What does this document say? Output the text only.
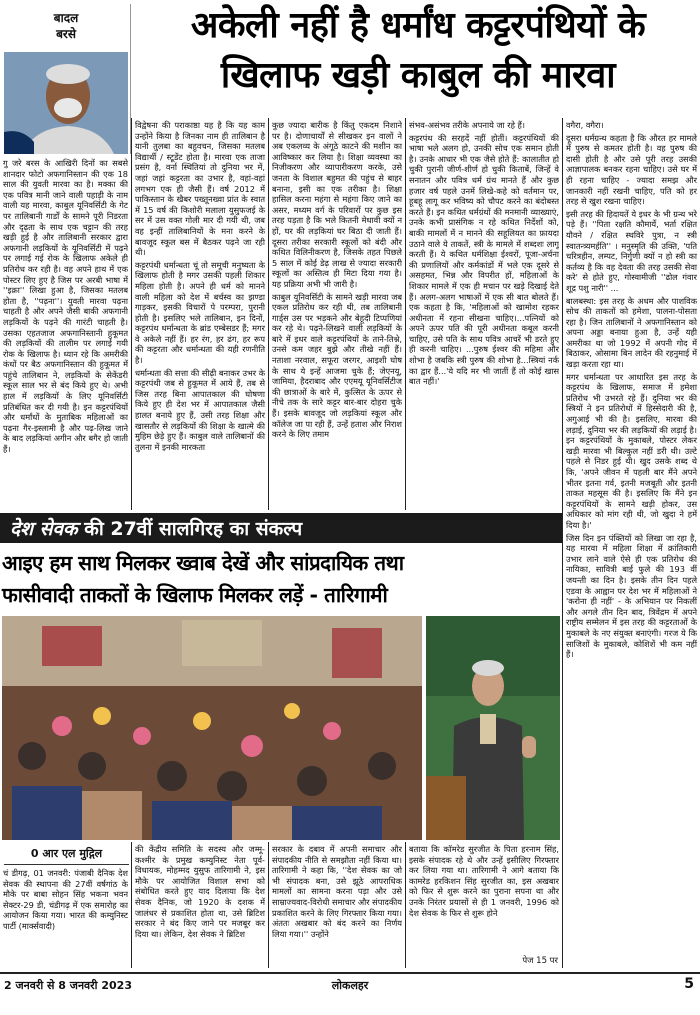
बादल
बरसे	अकेली नहीं है धर्मांध कट्टरपंथियों के
खिलाफ खड़ी काबुल की मारवा

गु जरे बरस के आखिरी दिनों का सबसे शानदार फोटो अफगानिस्तान की एक 18 साल की युवती मारवा का है। मक्का की एक पवित्र मानी जाने वाली पहाड़ी के नाम वाली यह मारवा, काबुल यूनिवर्सिटी के गेट पर तालिबानी गार्डों के सामने पूरी निडरता और दृढ़ता के साथ एक चट्टान की तरह खड़ी हुई है और तालिबानी सरकार द्वारा अफगानी लड़कियों के यूनिवर्सिटी में पढ़ने पर लगाई गई रोक के खिलाफ अकेले ही प्रतिरोध कर रही है। वह अपने हाथ में एक पोस्टर लिए हुए है जिस पर अरबी भाषा में ''इक्रा'' लिखा हुआ है, जिसका मतलब होता है, ''पढ़ना''। युवती मारवा पढ़ना चाहती है और अपने जैसी बाकी अफगानी लड़कियों के पढ़ने की गारंटी चाहती है। उसका एहतजाज अफगानिस्तानी हुकूमत की लड़कियों की तालीम पर लगाई गयी रोक के खिलाफ है। ध्यान रहे कि अमरीकी कंधों पर बैठ अफगानिस्तान की हुकूमत में पहुंचे तालिबान ने, लड़कियों के सेकेंडरी स्कूल साल भर से बंद किये हुए थे। अभी हाल में लड़कियों के लिए यूनिवर्सिटी प्रतिबंधित कर दी गयी है। इन कट्टरपंथियों और धर्मांधों के मुताबिक महिलाओं का पढ़ना गैर-इस्लामी है और पढ़-लिख जाने के बाद लड़कियां अगीन और बगैर हो जाती हैं।

विद्वेषना की पराकाष्ठा यह है कि यह काम उन्होंने किया है जिनका नाम ही तालिबान है यानी तुलबा का बहुवचन, जिसका मतलब विद्यार्थी / स्टूडेंट होता है। मारवा एक ताजा प्रसंग है, वर्ना स्थितियां तो दुनिया भर में, जहां जहां कट्टरता का उभार है, वहां-वहां लगभग एक ही जैसी हैं। वर्ष 2012 में पाकिस्तान के खैबर पख्तूनख्वा प्रांत के स्वात में 15 वर्ष की किशोरी मलाला युसुफजई के सर में उस वक्त गोली मार दी गयी थी, जब वह इन्हीं तालिबानियों के मना करने के बावजूद स्कूल बस में बैठकर पढ़ने जा रही थी।

कट्टरपंथी धर्मान्धता चूं तो समूची मनुष्यता के खिलाफ होती है मगर उसकी पहली शिकार महिला होती है। अपने ही धर्म को मानने वाली महिला को देश में बर्चस्व का झण्डा गाड़कर, इसकी विचारों पे परम्परा, पुरानी होती है। इसलिए भले तालिबान, इन दिनों, कट्टरपंथ धर्मान्धता के ब्रांड एम्बेसडर हैं; मगर वे अकेले नहीं हैं। हर रंग, हर ढंग, हर रूप की कट्टरता और धर्मान्धता की यही रणनीति है।

धर्मान्धता की सत्ता की सीढ़ी बनाकर उभर के कट्टरपंथी जब से हुकूमत में आये हैं, तब से जिस तरह बिना आपातकाल की घोषणा किये हुए ही देश भर में आपातकाल जैसी हालत बनाये हुए हैं, उसी तरह शिक्षा और खासतौर से लड़कियों की शिक्षा के खात्मे की मुहिम छेड़े हुए हैं। काबुल वाले तालिबानों की तुलना में इनकी मारकता

कुछ ज्यादा बारीक है किंतु एकदम निशाने पर है। दोणाचार्यों से सीखकर इन वालों ने अब एकलव्य के अंगूठे काटने की मशीन का आविष्कार कर लिया है। शिक्षा व्यवस्था का निजीकरण और व्यापारीकरण करके, उसे जनता के विशाल बहुमत की पहुंच से बाहर बनाना, इसी का एक तरीका है। शिक्षा हासिल करना महंगा से महंगा किए जाने का असर, मध्यम वर्ग के परिवारों पर कुछ इस तरह पड़ता है कि भले कितनी मेधावी क्यों न हों, घर की लड़कियां घर बिठा दी जाती हैं। दूसरा तरीका सरकारी स्कूलों को बंदी और कथित विलिनीकरण है, जिसके तहत पिछले 5 साल में कोई डेढ़ लाख से ज्यादा सरकारी स्कूलों का अस्तित्व ही मिटा दिया गया है। यह प्रक्रिया अभी भी जारी है।

काबुल यूनिवर्सिटी के सामने खड़ी मारवा जब एकल प्रतिरोध कर रही थी, तब तालिबानी गार्ड्स उस पर भड़कने और बेहूदी टिप्पणियां कर रहे थे। पढ़ने-लिखने वाली लड़कियों के बारे में इधर वाले कट्टरपंथियों के ताने-तिश्ने, उनसे कम जहर बुझे और तीखे नहीं हैं। नताशा नरवाल, सफूरा जरगर, आइशी घोष के साथ ये इन्हें आजमा चुके हैं; जेएनयू, जामिया, हैदराबाद और एएमयू यूनिवर्सिटीज की छात्राओं के बारे में, कुत्सित के ऊपर से नीचे तक के सारे कट्टर बार-बार दोहरा चुके हैं। इसके बावजूद जो लड़कियां स्कूल और कॉलेज जा पा रही हैं, उन्हें हताश और निराश करने के लिए तमाम

संभव-असंभव तरीके अपनाये जा रहे हैं।

कट्टरपंथ की सरहदें नहीं होतीं। कट्टरपंथियों की भाषा भले अलग हो, उनकी सोच एक समान होती है। उनके आधार भी एक जैसे होते हैं: कालातीत हो चुकी पुरानी जीर्ण-शीर्ण हो चुकी किताबें, जिन्हें वे सनातन और पवित्र धर्म ग्रंथ मानते हैं और कुछ हजार वर्ष पहले उनमें लिखे-कहे को वर्तमान पर, हूबहू लागू कर भविष्य को चौपट करने का बंदोबस्त करते हैं। इन कथित धर्मग्रंथों की मनमानी व्याख्याएं, उनके कभी प्रासंगिक न रहे कथित निर्देशों को, बाकी मामलों में न मानने की सहूलियत का फ़ायदा उठाने वाले ये ताकतें, स्त्री के मामले में शब्दशः लागू करती हैं। ये कथित धर्मशिक्षा ईश्वरों, पूजा-अर्चना की प्रणालियों और कर्मकांडों में भले एक दूसरे से असहमत, भिन्न और विपरीत हों, महिलाओं के शिकार मामले में एक ही मचान पर खड़े दिखाई देते हैं। अलग-अलग भाषाओं में एक सी बात बोलते हैं। एक कहता है कि, 'महिलाओं को खामोश रहकर अधीनता में रहना सीखना चाहिए।...पत्नियों को अपने ऊपर पति की पूरी अधीनता कबूल करनी चाहिए, उसे पति के साथ पवित्र आचरें भी डरते हुए ही करनी चाहिए। ...पुरुष ईश्वर की महिमा और शोभा है जबकि स्त्री पुरुष की शोभा है...स्त्रियां नर्क का द्वार हैं...'ये यदि मर भी जातीं हैं तो कोई खास बात नहीं।'

वगैरा, वगैरा।

दूसरा धर्मग्रन्थ कहता है कि औरत हर मामले में पुरुष से कमतर होती है। वह पुरुष की दासी होती है और उसे पूरी तरह उसकी आज्ञापालक बनकर रहना चाहिए। उसे घर में ही रहना चाहिए - ज्यादा समझ और जानकारी नहीं रखनी चाहिए, पति को हर तरह से खुश रखना चाहिए।

इसी तरह की हिदायतें ये इधर के भी ग्रन्थ भरे पड़े हैं। ''पिता रक्षति कौमार्ये, भर्ता रक्षित यौवने / रक्षित स्थविरे पुत्रा, न स्त्री स्वातन्त्र्यमर्हति'' । मनुस्मृति की उक्ति, 'पति चरित्रहीन, लम्पट, निर्गुणी क्यों न हो स्त्री का कर्तव्य है कि वह देवता की तरह उसकी सेवा करे' से होते हुए, गोस्वामीजी ''ढोल गंवार शूद्र पशु नारी'' ...

बालबस्था: इस तरह के अधम और पाशविक सोच की ताकतों को हमेशा, पालना-पोसता रहा है। जिन तालिबानों ने अफगानिस्तान को अपना अड्डा बनाया हुआ है, उन्हें यही अमरीका था जो 1992 में अपनी गोद में बिठाकर, ओसामा बिन लादेन की रहनुमाई में खड़ा करता रहा था।

मगर धर्मान्धता पर आधारित इस तरह के कट्टरपंथ के खिलाफ, समाज में हमेशा प्रतिरोध भी उभरते रहे हैं। दुनिया भर की स्त्रियों ने इन प्रतिरोधों में हिस्सेदारी की है, अगुआई भी की है। इसलिए, मारवा की लड़ाई, दुनिया भर की लड़कियों की लड़ाई है। इन कट्टरपंथियों के मुकाबले, पोस्टर लेकर खड़ी मारवा भी बिल्कुल नहीं डरी थी। उल्टे पहले से निडर हुई थी। खुद उसके शब्द थे कि, 'अपने जीवन में पहली बार मैंने अपने भीतर इतना गर्व, इतनी मजबूती और इतनी ताकत महसूस की है। इसलिए कि मैंने इन कट्टरपंथियों के सामने खड़ी होकर, उस अधिकार को मांग रही थी, जो खुदा ने हमें दिया है।'

जिस दिन इन पंक्तियों को लिखा जा रहा है, यह मारवा में महिला शिक्षा में क्रांतिकारी उभार लाने वाले ऐसे ही एक प्रतिरोध की नायिका, सावित्री बाई फुले की 193 वीं जयन्ती का दिन है। इसके तीन दिन पहले एडवा के आह्वान पर देश भर में महिलाओं ने 'करोना ही नहीं' - के अभियान पर निकलीं और अगले तीन दिन बाद, त्रिवेंद्रम में अपने राष्ट्रीय सम्मेलन में इस तरह की कट्टरताओं के मुकाबले के नए संयुक्त बनाएंगी। गरज ये कि साजिशों के मुकाबले, कोशिशें भी कम नहीं हैं।

देश सेवक की 27वीं सालगिरह का संकल्प
आइए हम साथ मिलकर ख्वाब देखें और सांप्रदायिक तथा
फासीवादी ताकतों के खिलाफ मिलकर लड़ें - तारिगामी
0 आर एल मुद्गिल
चं डीगढ़, 01 जनवरी: पंजाबी दैनिक देश सेवक की स्थापना की 27वीं वर्षगांठ के मौके पर बाबा सोहन सिंह भकना भवन सेक्टर-29 डी, चंडीगढ़ में एक समारोह का आयोजन किया गया। भारत की कम्युनिस्ट पार्टी (मार्क्सवादी)
की केंद्रीय समिति के सदस्य और जम्मू-कश्मीर के प्रमुख कम्युनिस्ट नेता पूर्व-विधायक, मोहम्मद युसुफ तारिगामी ने, इस मौके पर आयोजित विशाल सभा को संबोधित करते हुए याद दिलाया कि देश सेवक दैनिक, जो 1920 के दशक में जालंधर से प्रकाशित होता था, उसे ब्रिटिश सरकार ने बंद किए जाने पर मजबूर कर दिया था। लेकिन, देश सेवक ने ब्रिटिश
सरकार के दबाव में अपनी समाचार और संपादकीय नीति से समझौता नहीं किया था। तारिगामी ने कहा कि, ''देश सेवक का जो भी संपादक बना, उसे झूठे आपराधिक मामलों का सामना करना पड़ा और उसे साम्राज्यवाद-विरोधी समाचार और संपादकीय प्रकाशित करने के लिए गिरफ्तार किया गया। अंततः अखबार को बंद करने का निर्णय लिया गया।'' उन्होंने
बताया कि कॉमरेड सुरजीत के पिता हरनाम सिंह, इसके संपादक रहे थे और उन्हें इसीलिए गिरफ्तार कर लिया गया था। तारिगामी ने आगे बताया कि कामरेड हरकिशन सिंह सुरजीत का, इस अखबार को फिर से शुरू करने का पुराना सपना था और उनके निरंतर प्रयासों से ही 1 जनवरी, 1996 को देश सेवक के फिर से शुरू होने
पेज 15 पर
2 जनवरी से 8 जनवरी 2023	लोकलहर	5
